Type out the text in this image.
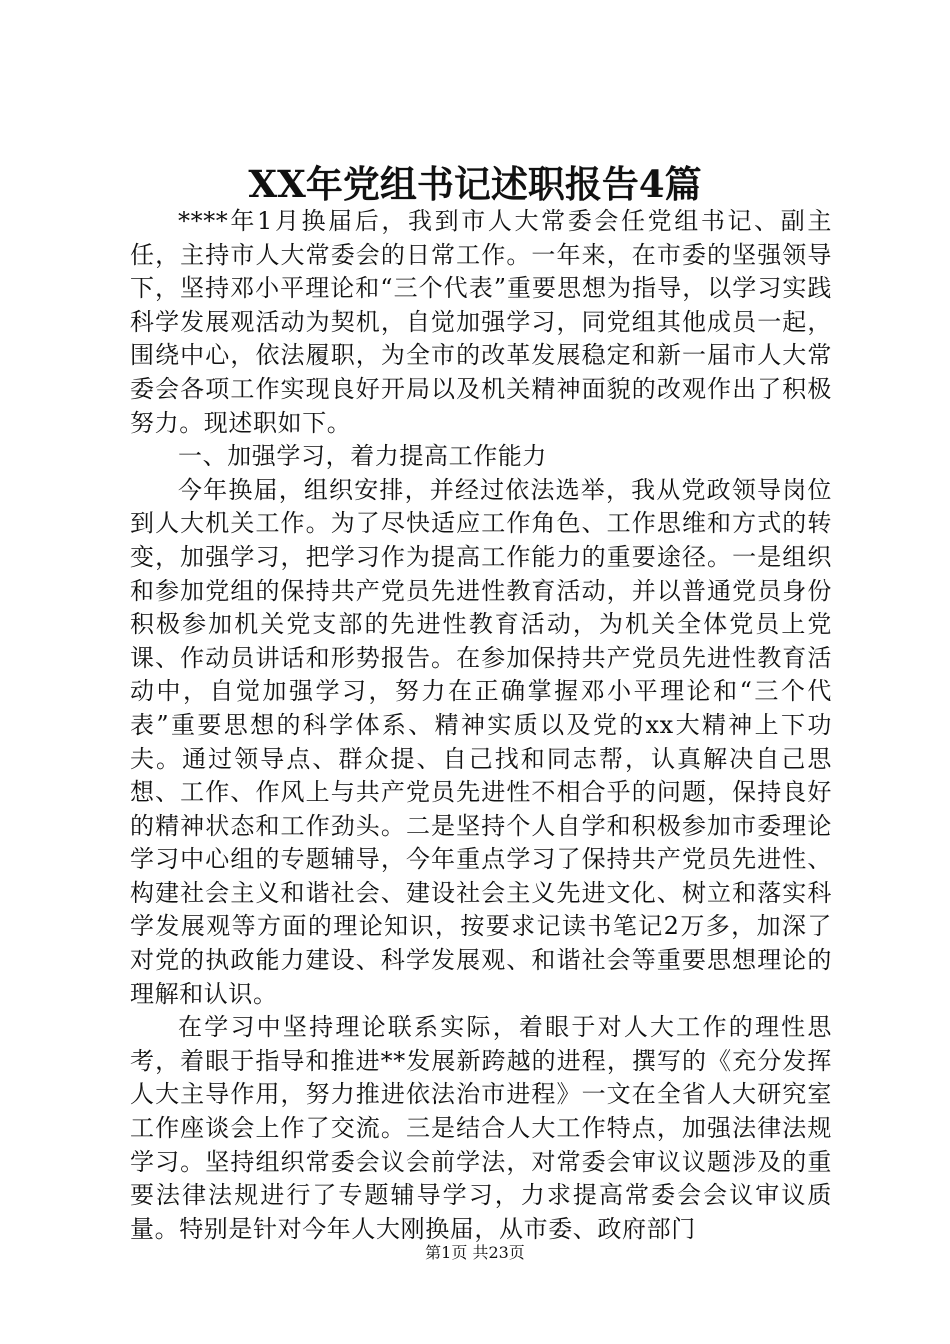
XX年党组书记述职报告4篇

****年1月换届后，我到市人大常委会任党组书记、副主任，主持市人大常委会的日常工作。一年来，在市委的坚强领导下，坚持邓小平理论和“三个代表”重要思想为指导，以学习实践科学发展观活动为契机，自觉加强学习，同党组其他成员一起，围绕中心，依法履职，为全市的改革发展稳定和新一届市人大常委会各项工作实现良好开局以及机关精神面貌的改观作出了积极努力。现述职如下。

一、加强学习，着力提高工作能力

今年换届，组织安排，并经过依法选举，我从党政领导岗位到人大机关工作。为了尽快适应工作角色、工作思维和方式的转变，加强学习，把学习作为提高工作能力的重要途径。一是组织和参加党组的保持共产党员先进性教育活动，并以普通党员身份积极参加机关党支部的先进性教育活动，为机关全体党员上党课、作动员讲话和形势报告。在参加保持共产党员先进性教育活动中，自觉加强学习，努力在正确掌握邓小平理论和“三个代表”重要思想的科学体系、精神实质以及党的xx大精神上下功夫。通过领导点、群众提、自己找和同志帮，认真解决自己思想、工作、作风上与共产党员先进性不相合乎的问题，保持良好的精神状态和工作劲头。二是坚持个人自学和积极参加市委理论学习中心组的专题辅导，今年重点学习了保持共产党员先进性、构建社会主义和谐社会、建设社会主义先进文化、树立和落实科学发展观等方面的理论知识，按要求记读书笔记2万多，加深了对党的执政能力建设、科学发展观、和谐社会等重要思想理论的理解和认识。

在学习中坚持理论联系实际，着眼于对人大工作的理性思考，着眼于指导和推进**发展新跨越的进程，撰写的《充分发挥人大主导作用，努力推进依法治市进程》一文在全省人大研究室工作座谈会上作了交流。三是结合人大工作特点，加强法律法规学习。坚持组织常委会议会前学法，对常委会审议议题涉及的重要法律法规进行了专题辅导学习，力求提高常委会会议审议质量。特别是针对今年人大刚换届，从市委、政府部门

第1页 共23页
